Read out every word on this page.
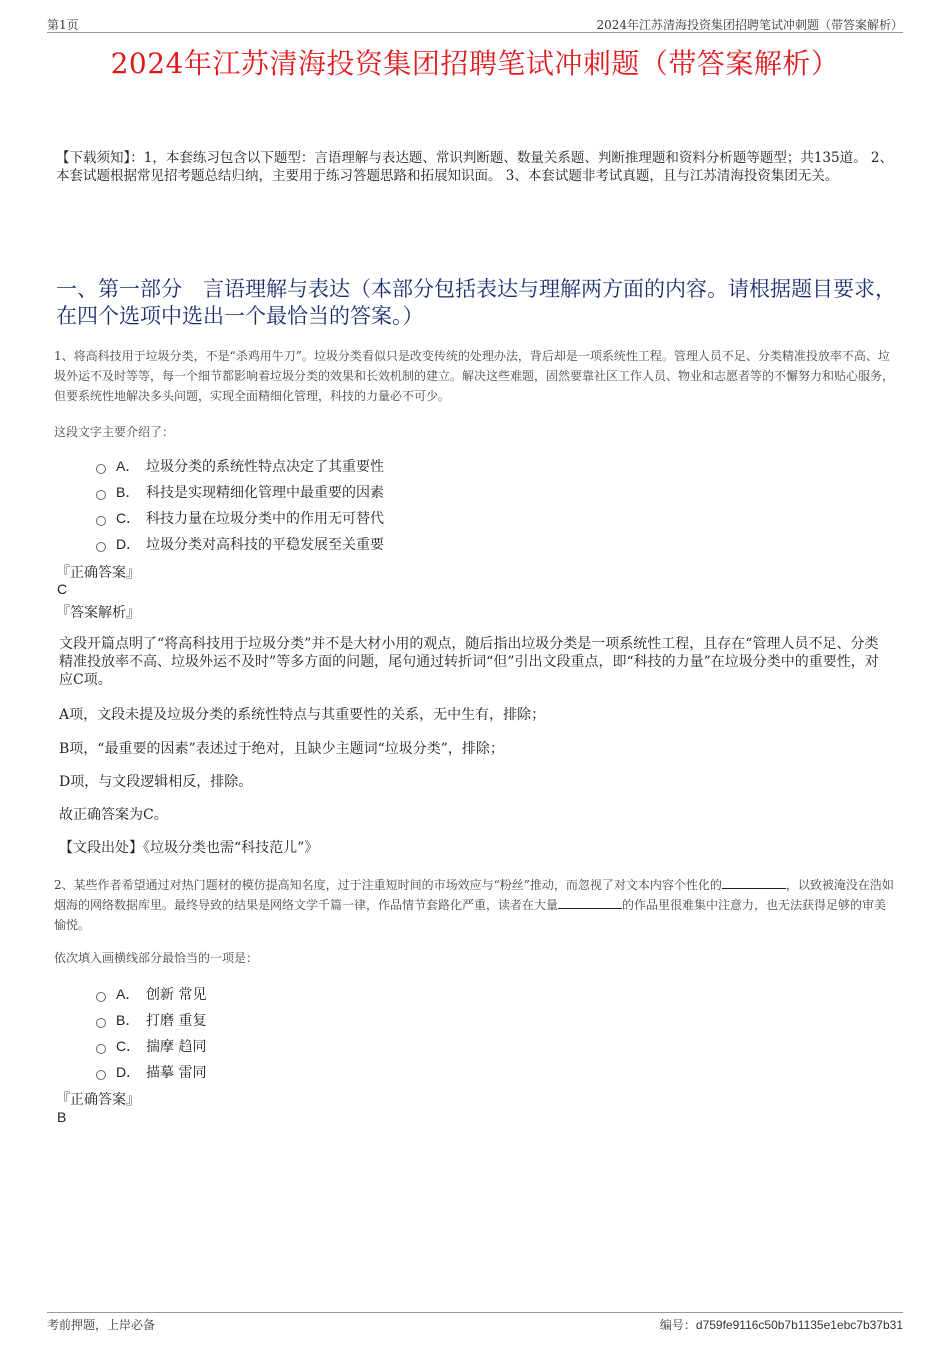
第1页	2024年江苏清海投资集团招聘笔试冲刺题（带答案解析）
2024年江苏清海投资集团招聘笔试冲刺题（带答案解析）
【下载须知】：1，本套练习包含以下题型：言语理解与表达题、常识判断题、数量关系题、判断推理题和资料分析题等题型；共135道。 2、本套试题根据常见招考题总结归纳，主要用于练习答题思路和拓展知识面。 3、本套试题非考试真题，且与江苏清海投资集团无关。
一、第一部分　言语理解与表达（本部分包括表达与理解两方面的内容。请根据题目要求，在四个选项中选出一个最恰当的答案。）
1、将高科技用于垃圾分类，不是“杀鸡用牛刀”。垃圾分类看似只是改变传统的处理办法，背后却是一项系统性工程。管理人员不足、分类精准投放率不高、垃圾外运不及时等等，每一个细节都影响着垃圾分类的效果和长效机制的建立。解决这些难题，固然要靠社区工作人员、物业和志愿者等的不懈努力和贴心服务，但要系统性地解决多头问题，实现全面精细化管理，科技的力量必不可少。
这段文字主要介绍了：
A． 垃圾分类的系统性特点决定了其重要性
B． 科技是实现精细化管理中最重要的因素
C． 科技力量在垃圾分类中的作用无可替代
D． 垃圾分类对高科技的平稳发展至关重要
『正确答案』
C
『答案解析』
文段开篇点明了“将高科技用于垃圾分类”并不是大材小用的观点，随后指出垃圾分类是一项系统性工程，且存在“管理人员不足、分类精准投放率不高、垃圾外运不及时”等多方面的问题，尾句通过转折词“但”引出文段重点，即“科技的力量”在垃圾分类中的重要性，对应C项。
A项，文段未提及垃圾分类的系统性特点与其重要性的关系，无中生有，排除；
B项，“最重要的因素”表述过于绝对，且缺少主题词“垃圾分类”，排除；
D项，与文段逻辑相反，排除。
故正确答案为C。
【文段出处】《垃圾分类也需“科技范儿”》
2、某些作者希望通过对热门题材的模仿提高知名度，过于注重短时间的市场效应与“粉丝”推动，而忽视了对文本内容个性化的	，以致被淹没在浩如烟海的网络数据库里。最终导致的结果是网络文学千篇一律，作品情节套路化严重，读者在大量	的作品里很难集中注意力，也无法获得足够的审美愉悦。
依次填入画横线部分最恰当的一项是：
A． 创新 常见
B． 打磨 重复
C． 揣摩 趋同
D． 描摹 雷同
『正确答案』
B
考前押题，上岸必备	编号：d759fe9116c50b7b1135e1ebc7b37b31
